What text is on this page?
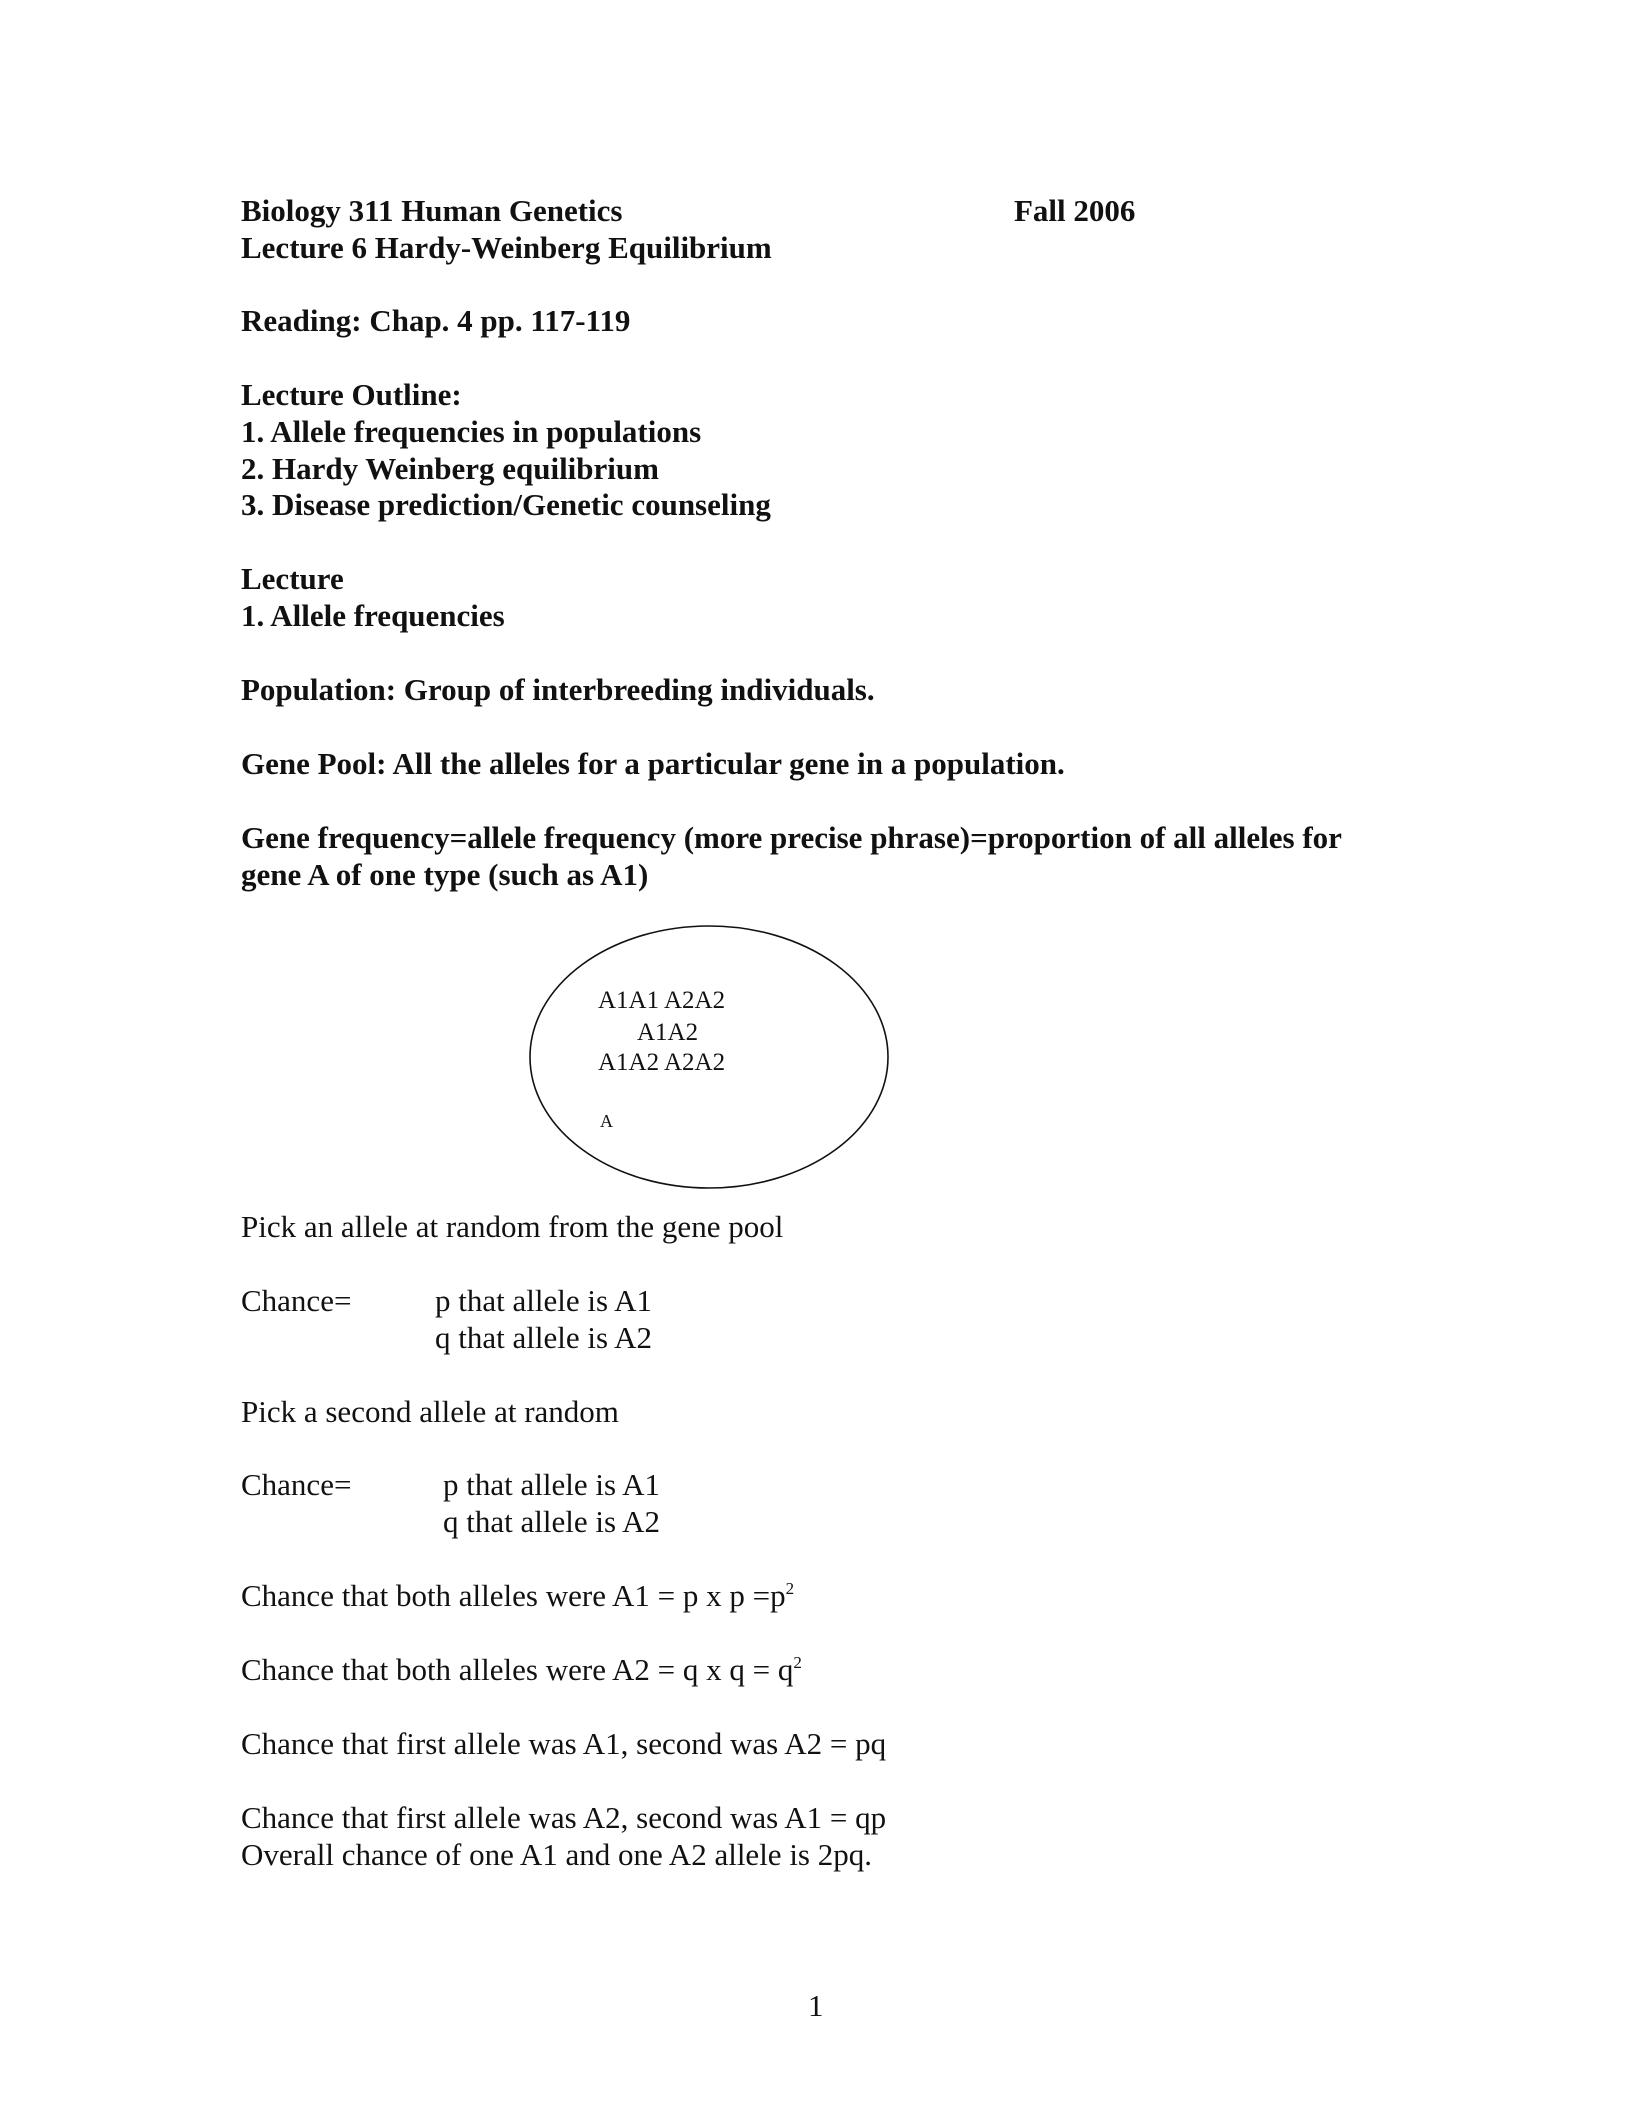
Biology 311 Human Genetics	Fall 2006
Lecture 6 Hardy-Weinberg Equilibrium
Reading: Chap. 4 pp. 117-119
Lecture Outline:
1. Allele frequencies in populations
2. Hardy Weinberg equilibrium
3. Disease prediction/Genetic counseling
Lecture
1. Allele frequencies
Population: Group of interbreeding individuals.
Gene Pool: All the alleles for a particular gene in a population.
Gene frequency=allele frequency (more precise phrase)=proportion of all alleles for
gene A of one type (such as A1)
A1A1 A2A2
A1A2
A1A2 A2A2
A
Pick an allele at random from the gene pool
Chance=	p that allele is A1
q that allele is A2
Pick a second allele at random
Chance=	p that allele is A1
q that allele is A2
Chance that both alleles were A1 = p x $p =p^2$
Chance that both alleles were A2 = q x $q = q^2$
Chance that first allele was A1, second was A2 = pq
Chance that first allele was A2, second was A1 = qp
Overall chance of one A1 and one A2 allele is 2pq.
1
